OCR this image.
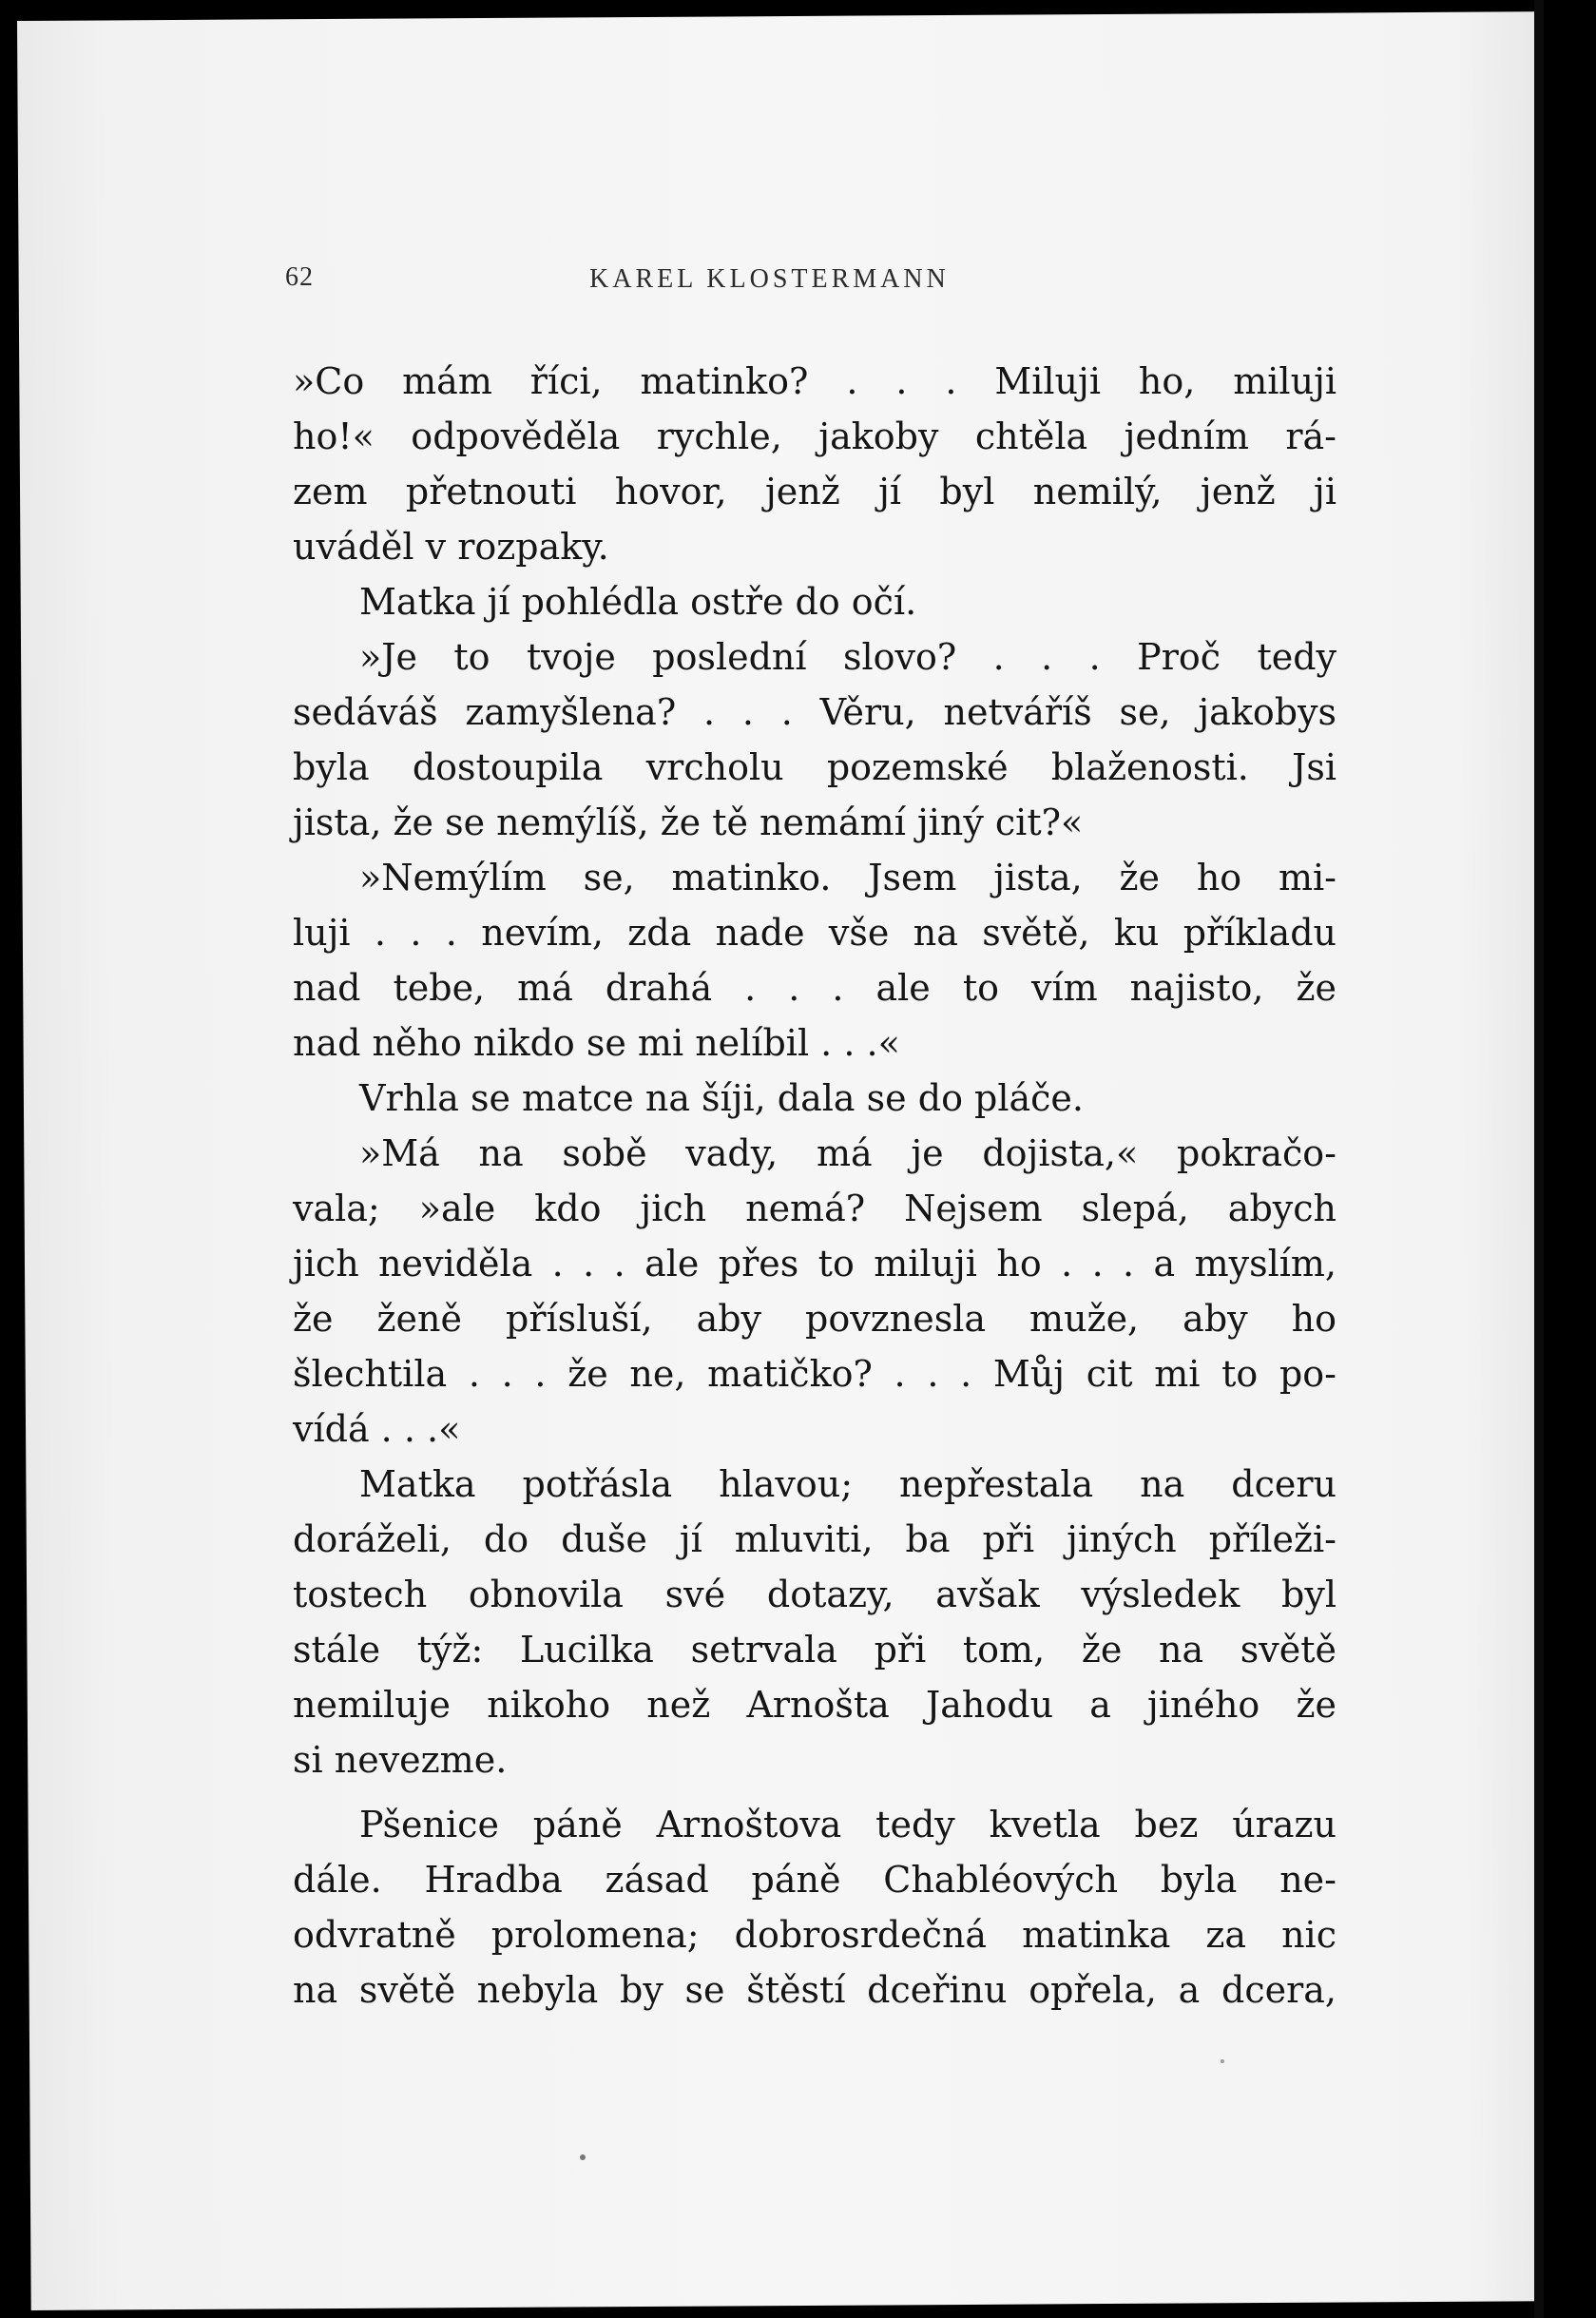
62	KAREL KLOSTERMANN
»Co mám říci, matinko? . . . Miluji ho, miluji
ho!« odpověděla rychle, jakoby chtěla jedním rá-
zem přetnouti hovor, jenž jí byl nemilý, jenž ji
uváděl v rozpaky.
Matka jí pohlédla ostře do očí.
»Je to tvoje poslední slovo? . . . Proč tedy
sedáváš zamyšlena? . . . Věru, netváříš se, jakobys
byla dostoupila vrcholu pozemské blaženosti. Jsi
jista, že se nemýlíš, že tě nemámí jiný cit?«
»Nemýlím se, matinko. Jsem jista, že ho mi-
luji . . . nevím, zda nade vše na světě, ku příkladu
nad tebe, má drahá . . . ale to vím najisto, že
nad něho nikdo se mi nelíbil . . .«
Vrhla se matce na šíji, dala se do pláče.
»Má na sobě vady, má je dojista,« pokračo-
vala; »ale kdo jich nemá? Nejsem slepá, abych
jich neviděla . . . ale přes to miluji ho . . . a myslím,
že ženě přísluší, aby povznesla muže, aby ho
šlechtila . . . že ne, matičko? . . . Můj cit mi to po-
vídá . . .«
Matka potřásla hlavou; nepřestala na dceru
doráželi, do duše jí mluviti, ba při jiných příleži-
tostech obnovila své dotazy, avšak výsledek byl
stále týž: Lucilka setrvala při tom, že na světě
nemiluje nikoho než Arnošta Jahodu a jiného že
si nevezme.
Pšenice páně Arnoštova tedy kvetla bez úrazu
dále. Hradba zásad páně Chabléových byla ne-
odvratně prolomena; dobrosrdečná matinka za nic
na světě nebyla by se štěstí dceřinu opřela, a dcera,
